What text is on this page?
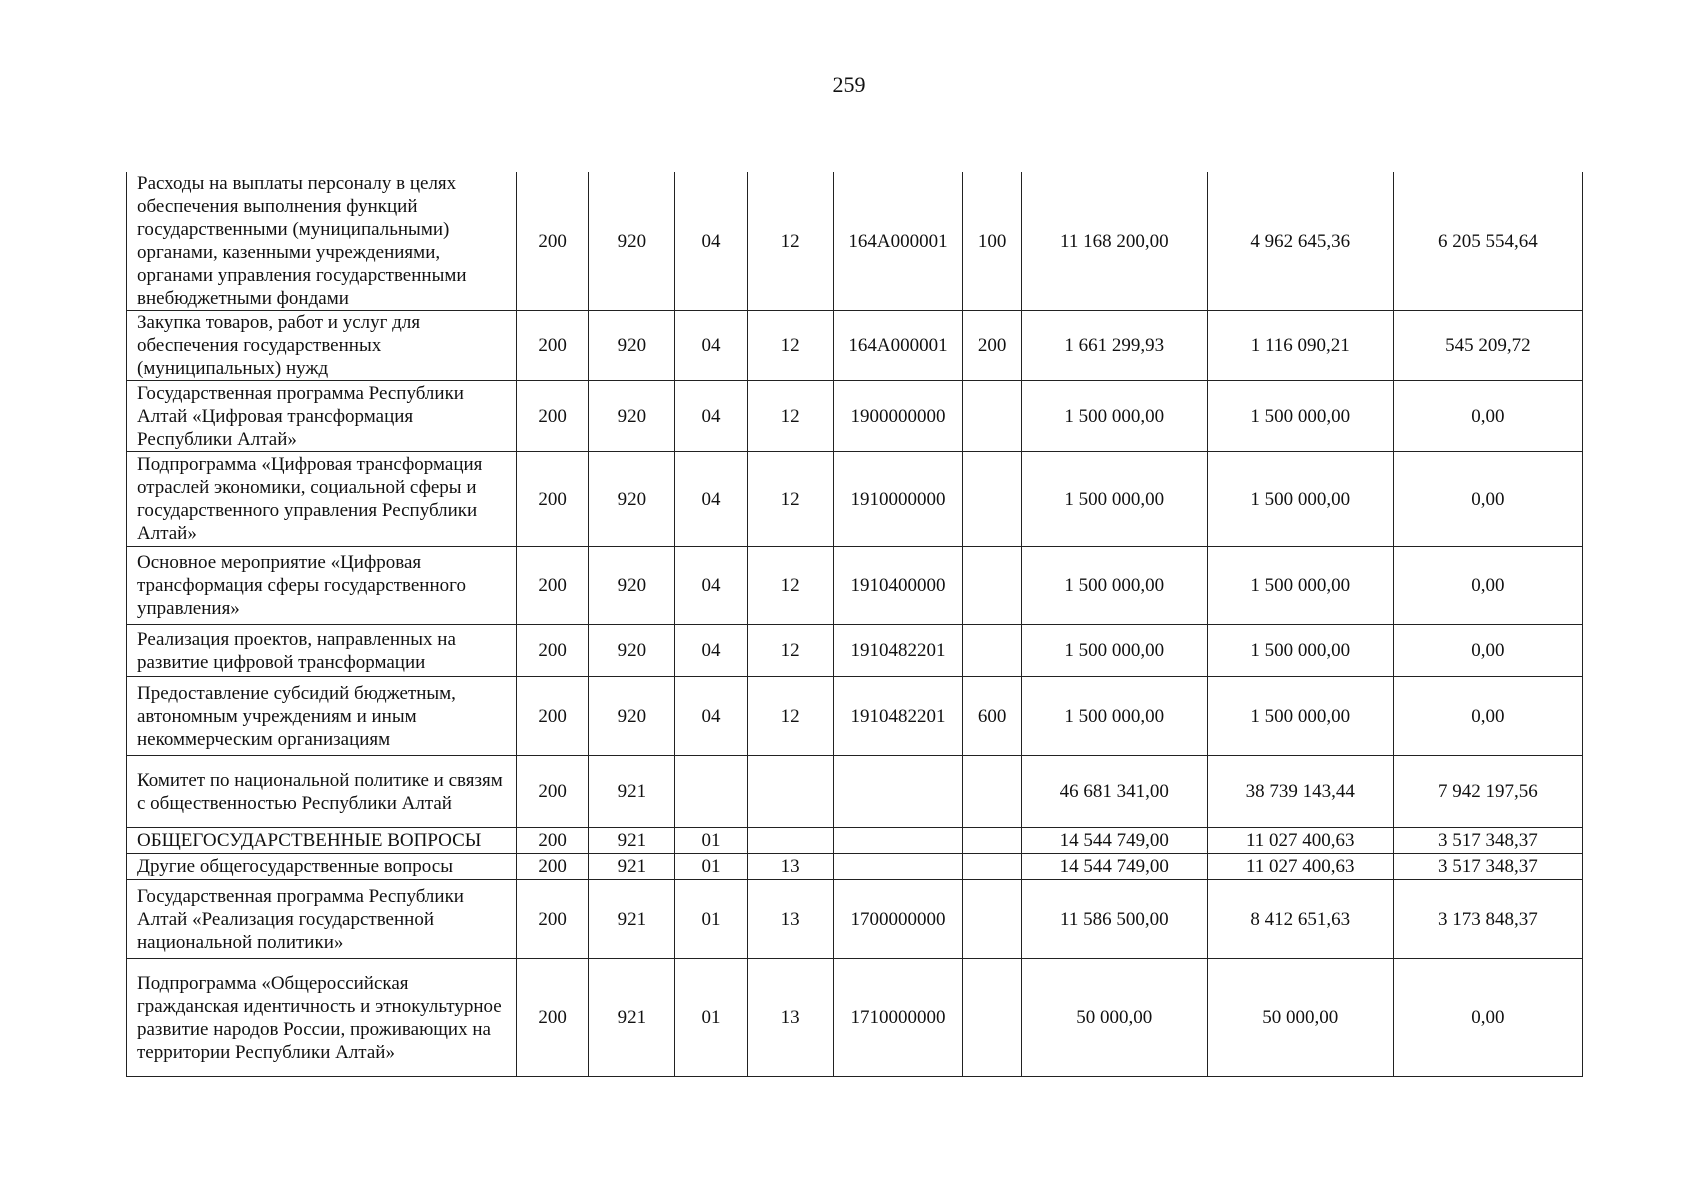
259
Расходы на выплаты персоналу в целях обеспечения выполнения функций государственными (муниципальными) органами, казенными учреждениями, органами управления государственными внебюджетными фондами	200	920	04	12	164А000001	100	11 168 200,00	4 962 645,36	6 205 554,64
Закупка товаров, работ и услуг для обеспечения государственных (муниципальных) нужд	200	920	04	12	164А000001	200	1 661 299,93	1 116 090,21	545 209,72
Государственная программа Республики Алтай «Цифровая трансформация Республики Алтай»	200	920	04	12	1900000000		1 500 000,00	1 500 000,00	0,00
Подпрограмма «Цифровая трансформация отраслей экономики, социальной сферы и государственного управления Республики Алтай»	200	920	04	12	1910000000		1 500 000,00	1 500 000,00	0,00
Основное мероприятие «Цифровая трансформация сферы государственного управления»	200	920	04	12	1910400000		1 500 000,00	1 500 000,00	0,00
Реализация проектов, направленных на развитие цифровой трансформации	200	920	04	12	1910482201		1 500 000,00	1 500 000,00	0,00
Предоставление субсидий бюджетным, автономным учреждениям и иным некоммерческим организациям	200	920	04	12	1910482201	600	1 500 000,00	1 500 000,00	0,00
Комитет по национальной политике и связям с общественностью Республики Алтай	200	921					46 681 341,00	38 739 143,44	7 942 197,56
ОБЩЕГОСУДАРСТВЕННЫЕ ВОПРОСЫ	200	921	01				14 544 749,00	11 027 400,63	3 517 348,37
Другие общегосударственные вопросы	200	921	01	13			14 544 749,00	11 027 400,63	3 517 348,37
Государственная программа Республики Алтай «Реализация государственной национальной политики»	200	921	01	13	1700000000		11 586 500,00	8 412 651,63	3 173 848,37
Подпрограмма «Общероссийская гражданская идентичность и этнокультурное развитие народов России, проживающих на территории Республики Алтай»	200	921	01	13	1710000000		50 000,00	50 000,00	0,00
